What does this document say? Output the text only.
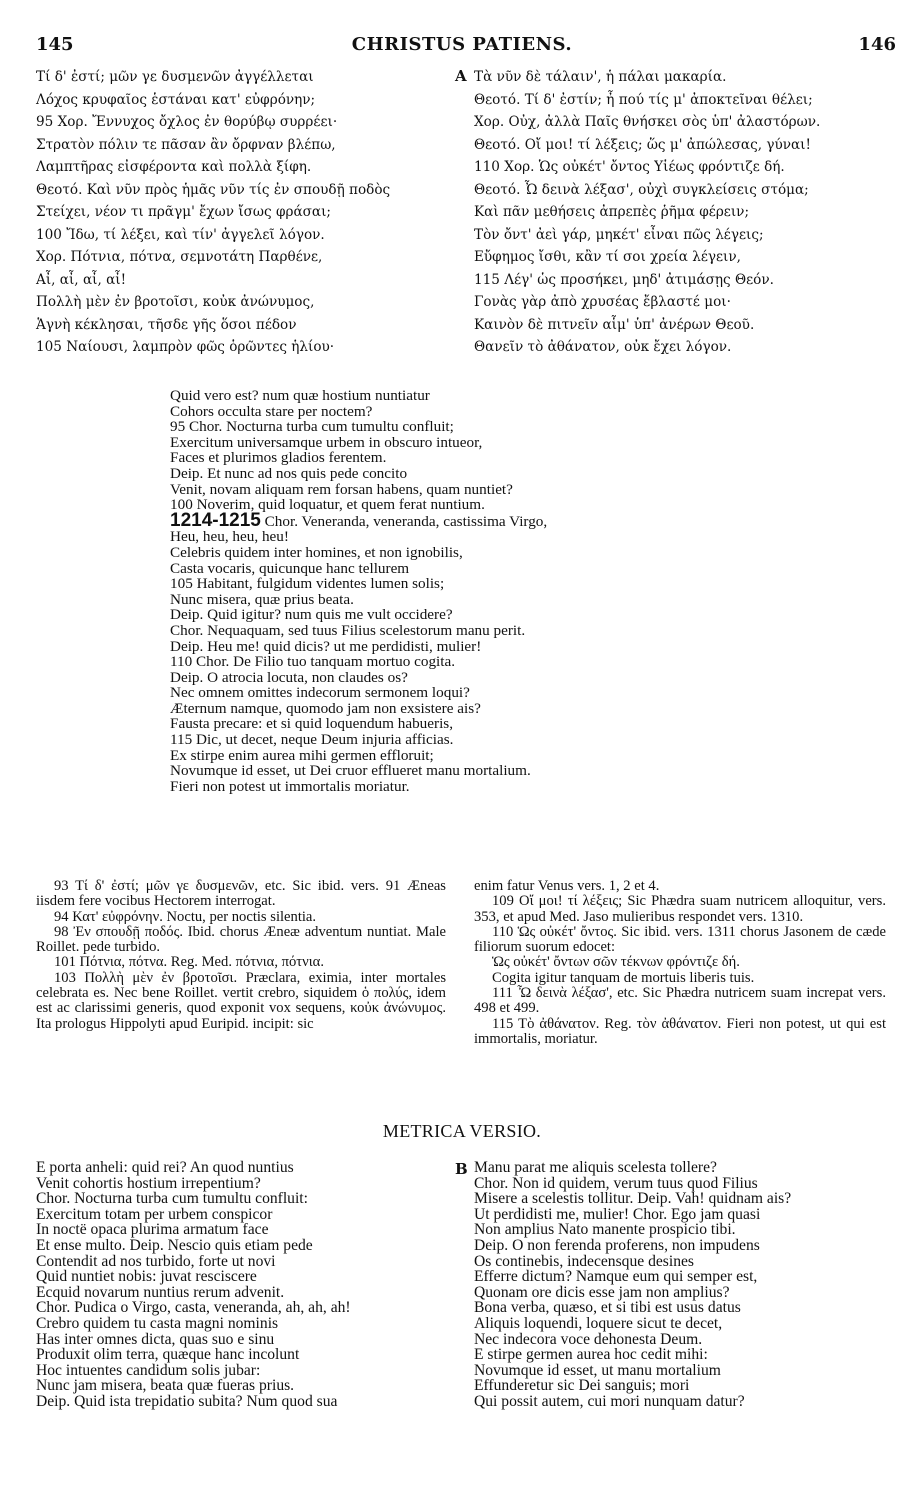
145	CHRISTUS PATIENS.	146
Τί δ' ἐστί; μῶν γε δυσμενῶν ἀγγέλλεται
Λόχος κρυφαῖος ἑστάναι κατ' εὐφρόνην;
95 Χορ. Ἔννυχος ὄχλος ἐν θορύβῳ συρρέει·
Στρατὸν πόλιν τε πᾶσαν ἂν ὄρφναν βλέπω,
Λαμπτῆρας εἰσφέροντα καὶ πολλὰ ξίφη.
Θεοτό. Καὶ νῦν πρὸς ἡμᾶς νῦν τίς ἐν σπουδῇ ποδὸς
Στείχει, νέον τι πρᾶγμ' ἔχων ἴσως φράσαι;
100 Ἴδω, τί λέξει, καὶ τίν' ἀγγελεῖ λόγον.
Χορ. Πότνια, πότνα, σεμνοτάτη Παρθένε,
Αἶ, αἶ, αἶ, αἶ!
Πολλὴ μὲν ἐν βροτοῖσι, κοὐκ ἀνώνυμος,
Ἁγνὴ κέκλησαι, τῆσδε γῆς ὅσοι πέδον
105 Ναίουσι, λαμπρὸν φῶς ὁρῶντες ἡλίου·
A Τὰ νῦν δὲ τάλαιν', ἡ πάλαι μακαρία.
Θεοτό. Τί δ' ἐστίν; ἦ πού τίς μ' ἀποκτεῖναι θέλει;
Χορ. Οὐχ, ἀλλὰ Παῖς θνήσκει σὸς ὑπ' ἀλαστόρων.
Θεοτό. Οἴ μοι! τί λέξεις; ὥς μ' ἀπώλεσας, γύναι!
110 Χορ. Ὡς οὐκέτ' ὄντος Υἱέως φρόντιζε δή.
Θεοτό. Ὦ δεινὰ λέξασ', οὐχὶ συγκλείσεις στόμα;
Καὶ πᾶν μεθήσεις ἀπρεπὲς ῥῆμα φέρειν;
Τὸν ὄντ' ἀεὶ γάρ, μηκέτ' εἶναι πῶς λέγεις;
Εὔφημος ἴσθι, κἂν τί σοι χρεία λέγειν,
115 Λέγ' ὡς προσήκει, μηδ' ἀτιμάσῃς Θεόν.
Γονὰς γὰρ ἀπὸ χρυσέας ἔβλαστέ μοι·
Καινὸν δὲ πιτνεῖν αἷμ' ὑπ' ἀνέρων Θεοῦ.
Θανεῖν τὸ ἀθάνατον, οὐκ ἔχει λόγον.
Quid vero est? num quæ hostium nuntiatur
Cohors occulta stare per noctem?
95 Chor. Nocturna turba cum tumultu confluit;
Exercitum universamque urbem in obscuro intueor,
Faces et plurimos gladios ferentem.
Deip. Et nunc ad nos quis pede concito
Venit, novam aliquam rem forsan habens, quam nuntiet?
100 Noverim, quid loquatur, et quem ferat nuntium.
1214-1215 Chor. Veneranda, veneranda, castissima Virgo,
Heu, heu, heu, heu!
Celebris quidem inter homines, et non ignobilis,
Casta vocaris, quicunque hanc tellurem
105 Habitant, fulgidum videntes lumen solis;
Nunc misera, quæ prius beata.
Deip. Quid igitur? num quis me vult occidere?
Chor. Nequaquam, sed tuus Filius scelestorum manu perit.
Deip. Heu me! quid dicis? ut me perdidisti, mulier!
110 Chor. De Filio tuo tanquam mortuo cogita.
Deip. O atrocia locuta, non claudes os?
Nec omnem omittes indecorum sermonem loqui?
Æternum namque, quomodo jam non exsistere ais?
Fausta precare: et si quid loquendum habueris,
115 Dic, ut decet, neque Deum injuria afficias.
Ex stirpe enim aurea mihi germen effloruit;
Novumque id esset, ut Dei cruor efflueret manu mortalium.
Fieri non potest ut immortalis moriatur.

93 Τί δ' ἐστί; μῶν γε δυσμενῶν, etc. Sic ibid. vers. 91 Æneas iisdem fere vocibus Hectorem interrogat.

94 Κατ' εὐφρόνην. Noctu, per noctis silentia.

98 Ἐν σπουδῇ ποδός. Ibid. chorus Æneæ adventum nuntiat. Male Roillet. pede turbido.

101 Πότνια, πότνα. Reg. Med. πότνια, πότνια.

103 Πολλὴ μὲν ἐν βροτοῖσι. Præclara, eximia, inter mortales celebrata es. Nec bene Roillet. vertit crebro, siquidem ὁ πολύς, idem est ac clarissimi generis, quod exponit vox sequens, κοὐκ ἀνώνυμος. Ita prologus Hippolyti apud Euripid. incipit: sic

enim fatur Venus vers. 1, 2 et 4.

109 Οἴ μοι! τί λέξεις; Sic Phædra suam nutricem alloquitur, vers. 353, et apud Med. Jaso mulieribus respondet vers. 1310.

110 Ὡς οὐκέτ' ὄντος. Sic ibid. vers. 1311 chorus Jasonem de cæde filiorum suorum edocet:

Ὡς οὐκέτ' ὄντων σῶν τέκνων φρόντιζε δή.

Cogita igitur tanquam de mortuis liberis tuis.

111 Ὦ δεινὰ λέξασ', etc. Sic Phædra nutricem suam increpat vers. 498 et 499.

115 Τὸ ἀθάνατον. Reg. τὸν ἀθάνατον. Fieri non potest, ut qui est immortalis, moriatur.

METRICA VERSIO.
E porta anheli: quid rei? An quod nuntius
Venit cohortis hostium irrepentium?
Chor. Nocturna turba cum tumultu confluit:
Exercitum totam per urbem conspicor
In noctë opaca plurima armatum face
Et ense multo. Deip. Nescio quis etiam pede
Contendit ad nos turbido, forte ut novi
Quid nuntiet nobis: juvat resciscere
Ecquid novarum nuntius rerum advenit.
Chor. Pudica o Virgo, casta, veneranda, ah, ah, ah!
Crebro quidem tu casta magni nominis
Has inter omnes dicta, quas suo e sinu
Produxit olim terra, quæque hanc incolunt
Hoc intuentes candidum solis jubar:
Nunc jam misera, beata quæ fueras prius.
Deip. Quid ista trepidatio subita? Num quod sua
B Manu parat me aliquis scelesta tollere?
Chor. Non id quidem, verum tuus quod Filius
Misere a scelestis tollitur. Deip. Vah! quidnam ais?
Ut perdidisti me, mulier! Chor. Ego jam quasi
Non amplius Nato manente prospicio tibi.
Deip. O non ferenda proferens, non impudens
Os continebis, indecensque desines
Efferre dictum? Namque eum qui semper est,
Quonam ore dicis esse jam non amplius?
Bona verba, quæso, et si tibi est usus datus
Aliquis loquendi, loquere sicut te decet,
Nec indecora voce dehonesta Deum.
E stirpe germen aurea hoc cedit mihi:
Novumque id esset, ut manu mortalium
Effunderetur sic Dei sanguis; mori
Qui possit autem, cui mori nunquam datur?
